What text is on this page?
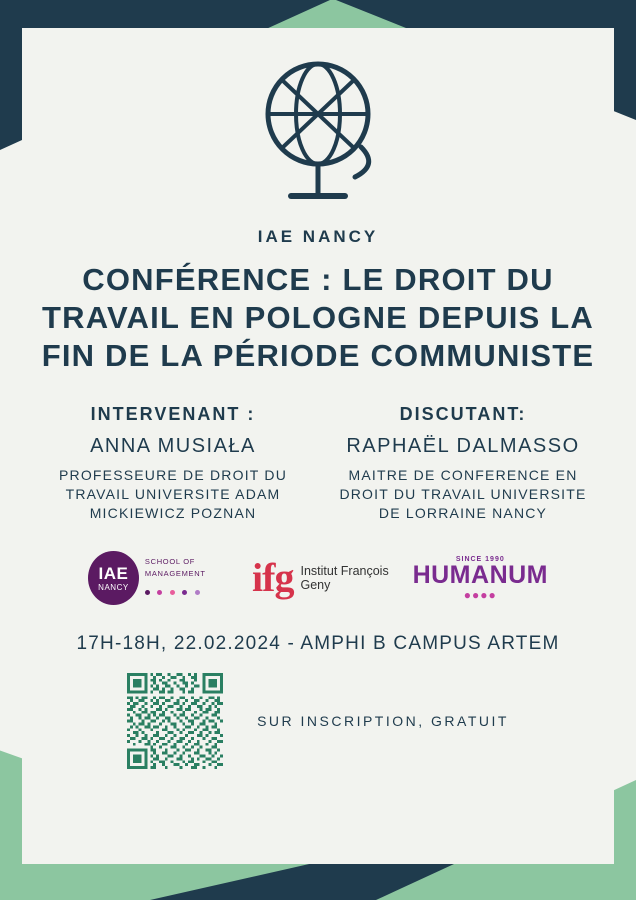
IAE NANCY
CONFÉRENCE : LE DROIT DU TRAVAIL EN POLOGNE DEPUIS LA FIN DE LA PÉRIODE COMMUNISTE
INTERVENANT :
ANNA MUSIAŁA
PROFESSEURE DE DROIT DU TRAVAIL UNIVERSITE ADAM MICKIEWICZ POZNAN
DISCUTANT:
RAPHAËL DALMASSO
MAITRE DE CONFERENCE EN DROIT DU TRAVAIL UNIVERSITE DE LORRAINE NANCY
IAE
NANCY
SCHOOL OF MANAGEMENT
	ifg Institut François Geny
SINCE 1990
HUMANUM
●●●●
17H-18H, 22.02.2024 - AMPHI B CAMPUS ARTEM
SUR INSCRIPTION, GRATUIT
